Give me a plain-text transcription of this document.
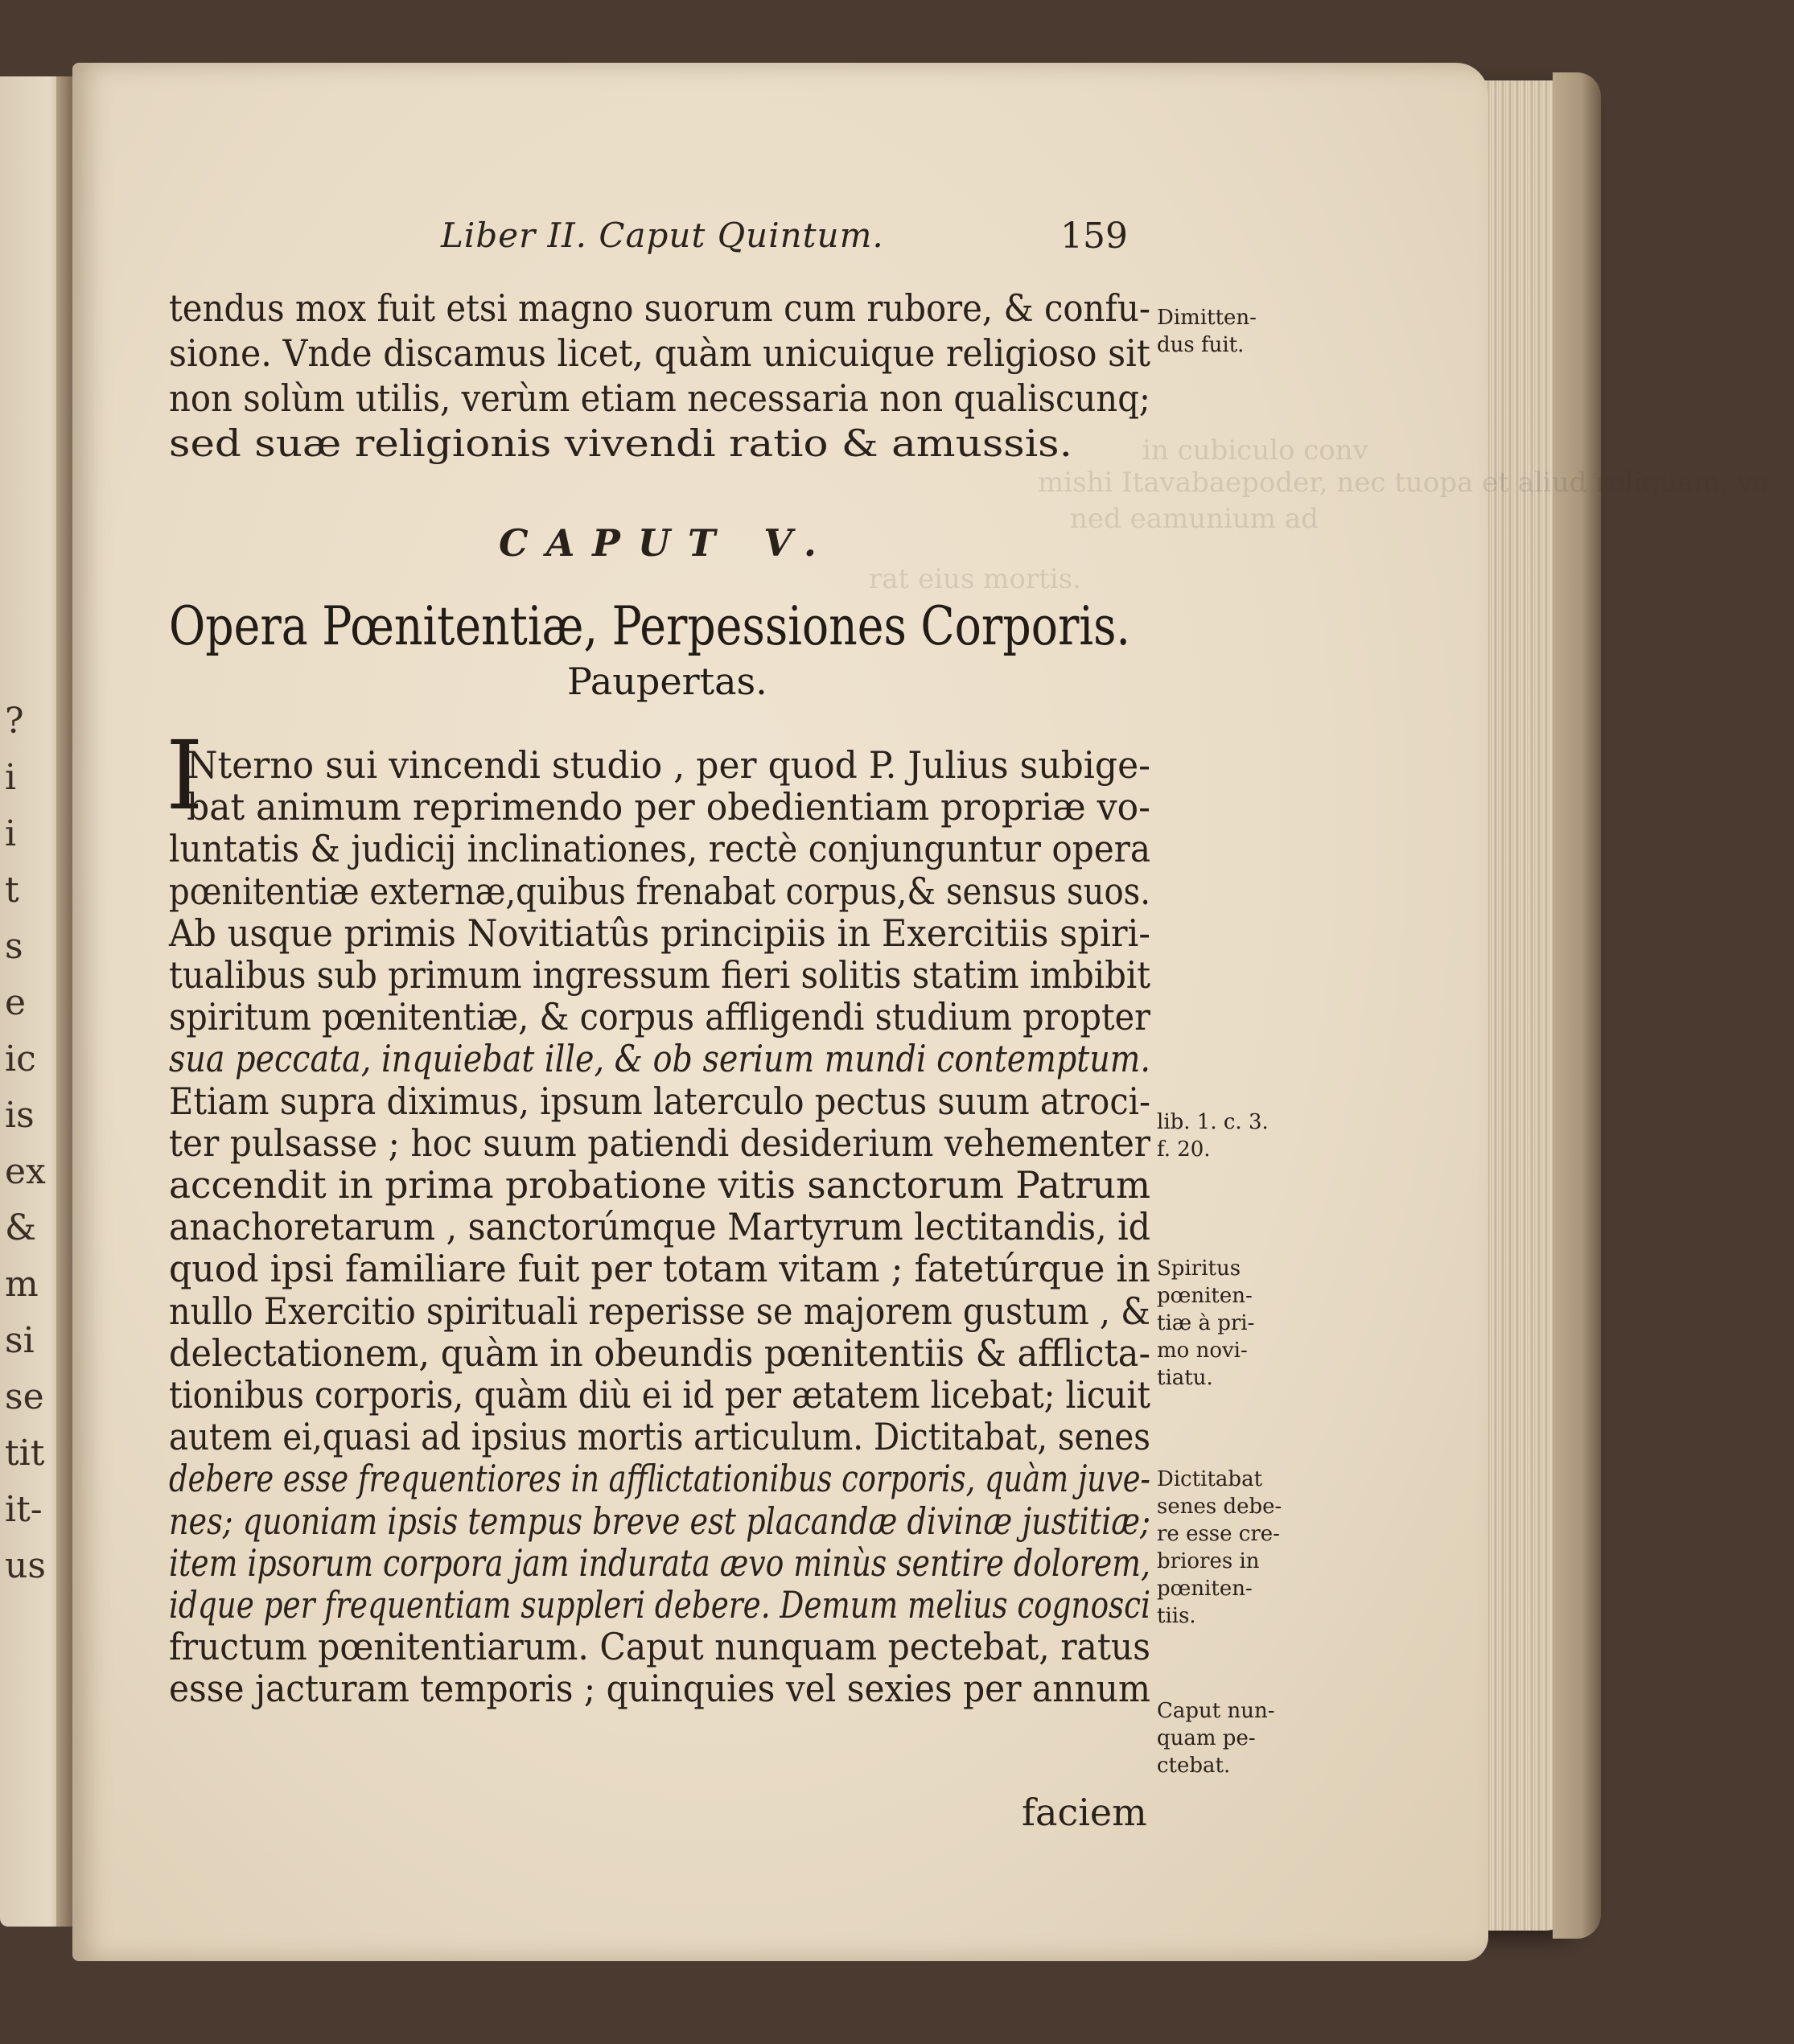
?
i
i
t
s
e
ic
is
ex
&
m
si
se
tit
it-
us
in cubiculo conv
mishi Itavabaepoder, nec tuopa et aliud reliquam, ve
ned eamunium ad
rat eius mortis.
Liber II. Caput Quintum.	159
tendus mox fuit etsi magno suorum cum rubore, & confu-
sione. Vnde discamus licet, quàm unicuique religioso sit
non solùm utilis, verùm etiam necessaria non qualiscunq;
sed suæ religionis vivendi ratio & amussis.
CAPUT V.
Opera Pœnitentiæ, Perpessiones Corporis.
Paupertas.
I
Nterno sui vincendi studio , per quod P. Julius subige-
bat animum reprimendo per obedientiam propriæ vo-
luntatis & judicij inclinationes, rectè conjunguntur opera
pœnitentiæ externæ,quibus frenabat corpus,& sensus suos.
Ab usque primis Novitiatûs principiis in Exercitiis spiri-
tualibus sub primum ingressum fieri solitis statim imbibit
spiritum pœnitentiæ, & corpus affligendi studium propter
sua peccata, inquiebat ille, & ob serium mundi contemptum.
Etiam supra diximus, ipsum laterculo pectus suum atroci-
ter pulsasse ; hoc suum patiendi desiderium vehementer
accendit in prima probatione vitis sanctorum Patrum
anachoretarum , sanctorúmque Martyrum lectitandis, id
quod ipsi familiare fuit per totam vitam ; fatetúrque in
nullo Exercitio spirituali reperisse se majorem gustum , &
delectationem, quàm in obeundis pœnitentiis & afflicta-
tionibus corporis, quàm diù ei id per ætatem licebat; licuit
autem ei,quasi ad ipsius mortis articulum. Dictitabat, senes
debere esse frequentiores in afflictationibus corporis, quàm juve-
nes; quoniam ipsis tempus breve est placandæ divinæ justitiæ;
item ipsorum corpora jam indurata ævo minùs sentire dolorem,
idque per frequentiam suppleri debere. Demum melius cognosci
fructum pœnitentiarum. Caput nunquam pectebat, ratus
esse jacturam temporis ; quinquies vel sexies per annum
faciem
Dimitten-
dus fuit.
lib. 1. c. 3.
f. 20.
Spiritus
pœniten-
tiæ à pri-
mo novi-
tiatu.
Dictitabat
senes debe-
re esse cre-
briores in
pœniten-
tiis.
Caput nun-
quam pe-
ctebat.
